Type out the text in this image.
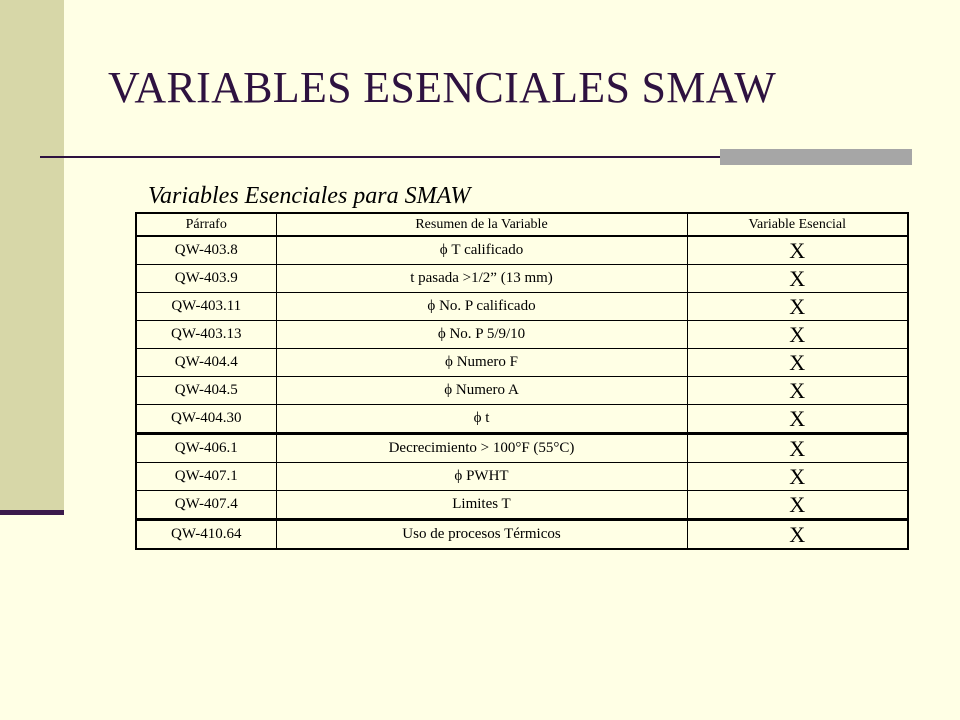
VARIABLES ESENCIALES SMAW
Variables Esenciales para SMAW
Párrafo	Resumen de la Variable	Variable Esencial
QW-403.8	ϕ T calificado	X
QW-403.9	t pasada >1/2” (13 mm)	X
QW-403.11	ϕ No. P calificado	X
QW-403.13	ϕ No. P 5/9/10	X
QW-404.4	ϕ Numero F	X
QW-404.5	ϕ Numero A	X
QW-404.30	ϕ t	X
QW-406.1	Decrecimiento > 100°F (55°C)	X
QW-407.1	ϕ PWHT	X
QW-407.4	Limites T	X
QW-410.64	Uso de procesos Térmicos	X
